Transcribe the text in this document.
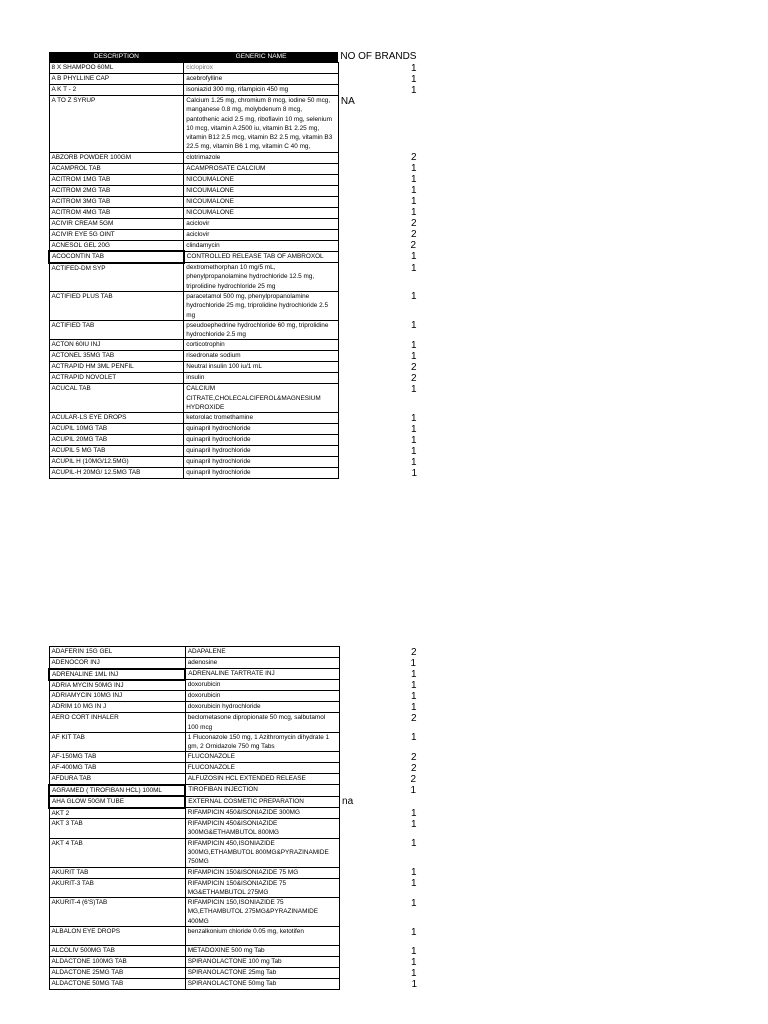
DESCRIPTION	GENERIC NAME	NO OF BRANDS
8 X SHAMPOO 60ML	ciclopirox	1
A B PHYLLINE CAP	acebrofylline	1
A K T - 2	isoniazid 300 mg, rifampicin 450 mg	1
A TO Z SYRUP	Calcium 1.25 mg, chromium 8 mcg, iodine 50 mcg, manganese 0.8 mg, molybdenum 8 mcg, pantothenic acid 2.5 mg, riboflavin 10 mg, selenium 10 mcg, vitamin A 2500 iu, vitamin B1 2.25 mg, vitamin B12 2.5 mcg, vitamin B2 2.5 mg, vitamin B3 22.5 mg, vitamin B6 1 mg, vitamin C 40 mg,	NA
ABZORB POWDER 100GM	clotrimazole	2
ACAMPROL TAB	ACAMPROSATE CALCIUM	1
ACITROM 1MG TAB	NICOUMALONE	1
ACITROM 2MG TAB	NICOUMALONE	1
ACITROM 3MG TAB	NICOUMALONE	1
ACITROM 4MG TAB	NICOUMALONE	1
ACIVIR CREAM 5GM	aciclovir	2
ACIVIR EYE 5G OINT	aciclovir	2
ACNESOL GEL 20G	clindamycin	2
ACOCONTIN TAB	CONTROLLED RELEASE TAB OF AMBROXOL	1
ACTIFED-DM SYP	dextromethorphan 10 mg/5 mL, phenylpropanolamine hydrochloride 12.5 mg, triprolidine hydrochloride 25 mg	1
ACTIFIED PLUS TAB	paracetamol 500 mg, phenylpropanolamine hydrochloride 25 mg, triprolidine hydrochloride 2.5 mg	1
ACTIFIED TAB	pseudoephedrine hydrochloride 60 mg, triprolidine hydrochloride 2.5 mg	1
ACTON 60IU INJ	corticotrophin	1
ACTONEL 35MG TAB	risedronate sodium	1
ACTRAPID HM 3ML PENFIL	Neutral insulin 100 iu/1 mL	2
ACTRAPID NOVOLET	insulin	2
ACUCAL TAB	CALCIUM CITRATE,CHOLECALCIFEROL&MAGNESIUM HYDROXIDE	1
ACULAR-LS EYE DROPS	ketorolac tromethamine	1
ACUPIL 10MG TAB	quinapril hydrochloride	1
ACUPIL 20MG TAB	quinapril hydrochloride	1
ACUPIL 5 MG TAB	quinapril hydrochloride	1
ACUPIL H (10MG/12.5MG)	quinapril hydrochloride	1
ACUPIL-H 20MG/ 12.5MG TAB	quinapril hydrochloride	1
ADAFERIN 15G GEL	ADAPALENE	2
ADENOCOR INJ	adenosine	1
ADRENALINE 1ML INJ	ADRENALINE TARTRATE INJ	1
ADRIA MYCIN 50MG INJ	doxorubicin	1
ADRIAMYCIN 10MG INJ	doxorubicin	1
ADRIM 10 MG IN J	doxorubicin hydrochloride	1
AERO CORT INHALER	beclometasone dipropionate 50 mcg, salbutamol 100 mcg	2
AF KIT TAB	1 Fluconazole 150 mg, 1 Azithromycin dihydrate 1 gm, 2 Ornidazole 750 mg Tabs	1
AF-150MG TAB	FLUCONAZOLE	2
AF-400MG TAB	FLUCONAZOLE	2
AFDURA TAB	ALFUZOSIN HCL EXTENDED RELEASE	2
AGRAMED ( TIROFIBAN HCL) 100ML	TIROFIBAN INJECTION	1
AHA GLOW 50GM TUBE	EXTERNAL COSMETIC PREPARATION	na
AKT 2	RIFAMPICIN 450&ISONIAZIDE 300MG	1
AKT 3 TAB	RIFAMPICIN 450&ISONIAZIDE 300MG&ETHAMBUTOL 800MG	1
AKT 4 TAB	RIFAMPICIN 450,ISONIAZIDE 300MG,ETHAMBUTOL 800MG&PYRAZINAMIDE 750MG	1
AKURIT TAB	RIFAMPICIN 150&ISONIAZIDE 75 MG	1
AKURIT-3 TAB	RIFAMPICIN 150&ISONIAZIDE 75 MG&ETHAMBUTOL 275MG	1
AKURIT-4 (6'S)TAB	RIFAMPICIN 150,ISONIAZIDE 75 MG,ETHAMBUTOL 275MG&PYRAZINAMIDE 400MG	1
ALBALON EYE DROPS	benzalkonium chloride 0.05 mg, ketotifen	1
ALCOLIV 500MG TAB	METADOXINE 500 mg Tab	1
ALDACTONE 100MG TAB	SPIRANOLACTONE 100 mg Tab	1
ALDACTONE 25MG TAB	SPIRANOLACTONE 25mg Tab	1
ALDACTONE 50MG TAB	SPIRANOLACTONE 50mg Tab	1
